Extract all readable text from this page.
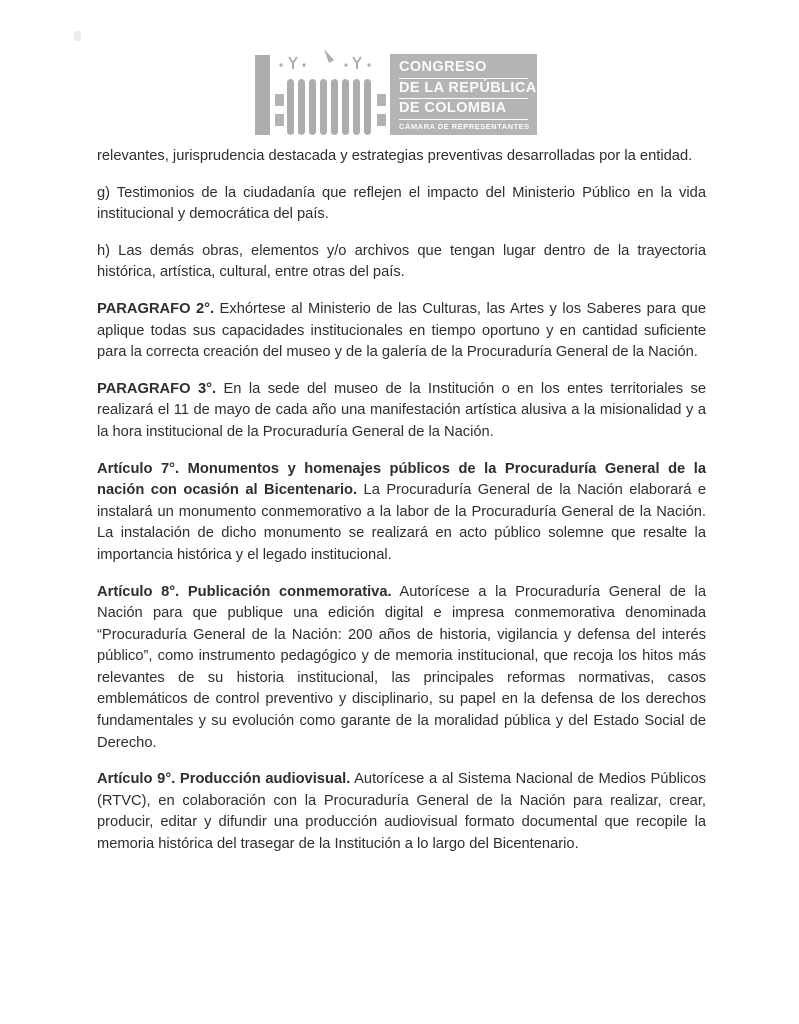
CONGRESO
DE LA REPÚBLICA
DE COLOMBIA
CÁMARA DE REPRESENTANTES

relevantes, jurisprudencia destacada y estrategias preventivas desarrolladas por la entidad.

g) Testimonios de la ciudadanía que reflejen el impacto del Ministerio Público en la vida institucional y democrática del país.

h) Las demás obras, elementos y/o archivos que tengan lugar dentro de la trayectoria histórica, artística, cultural, entre otras del país.

PARAGRAFO 2°. Exhórtese al Ministerio de las Culturas, las Artes y los Saberes para que aplique todas sus capacidades institucionales en tiempo oportuno y en cantidad suficiente para la correcta creación del museo y de la galería de la Procuraduría General de la Nación.

PARAGRAFO 3°. En la sede del museo de la Institución o en los entes territoriales se realizará el 11 de mayo de cada año una manifestación artística alusiva a la misionalidad y a la hora institucional de la Procuraduría General de la Nación.

Artículo 7°. Monumentos y homenajes públicos de la Procuraduría General de la nación con ocasión al Bicentenario. La Procuraduría General de la Nación elaborará e instalará un monumento conmemorativo a la labor de la Procuraduría General de la Nación. La instalación de dicho monumento se realizará en acto público solemne que resalte la importancia histórica y el legado institucional.

Artículo 8°. Publicación conmemorativa. Autorícese a la Procuraduría General de la Nación para que publique una edición digital e impresa conmemorativa denominada “Procuraduría General de la Nación: 200 años de historia, vigilancia y defensa del interés público”, como instrumento pedagógico y de memoria institucional, que recoja los hitos más relevantes de su historia institucional, las principales reformas normativas, casos emblemáticos de control preventivo y disciplinario, su papel en la defensa de los derechos fundamentales y su evolución como garante de la moralidad pública y del Estado Social de Derecho.

Artículo 9°. Producción audiovisual. Autorícese a al Sistema Nacional de Medios Públicos (RTVC), en colaboración con la Procuraduría General de la Nación para realizar, crear, producir, editar y difundir una producción audiovisual formato documental que recopile la memoria histórica del trasegar de la Institución a lo largo del Bicentenario.
